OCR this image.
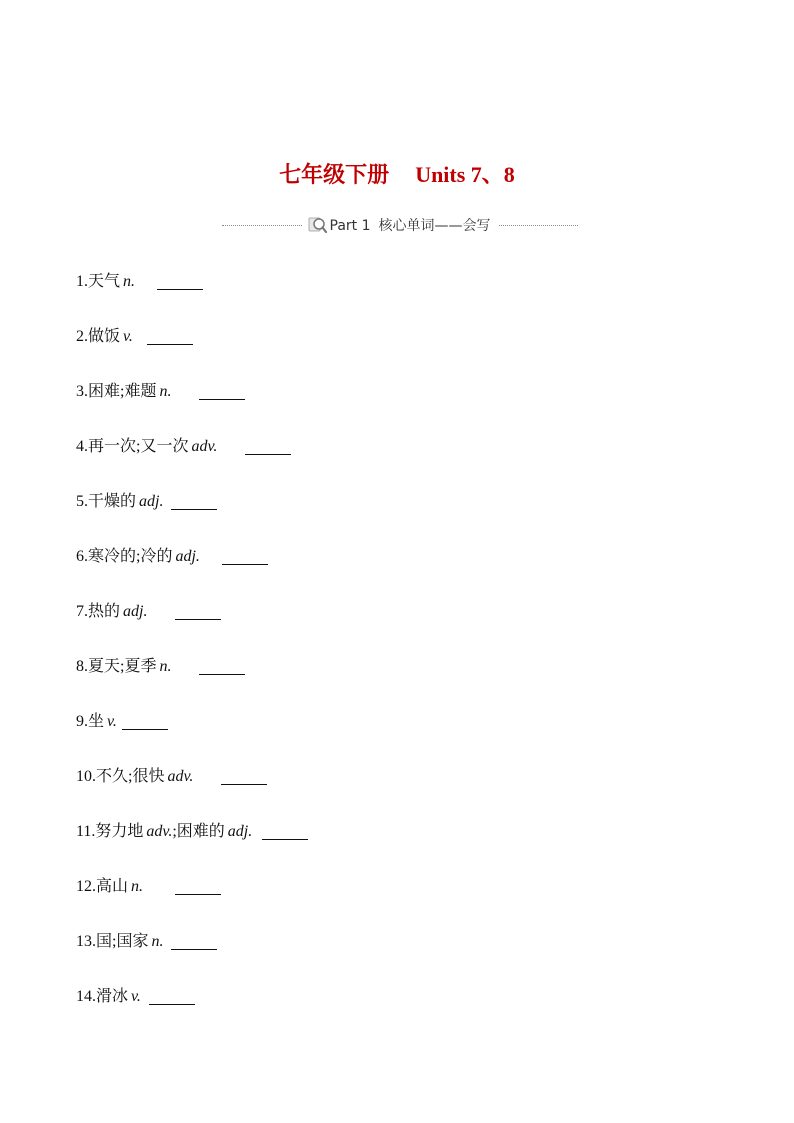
七年级下册 Units 7、8
Part 1 核心单词——会写
1. 天气 n.
2. 做饭 v.
3. 困难;难题 n.
4. 再一次;又一次 adv.
5. 干燥的 adj.
6. 寒冷的;冷的 adj.
7. 热的 adj.
8. 夏天;夏季 n.
9. 坐 v.
10. 不久;很快 adv.
11. 努力地 adv. ;困难的 adj.
12. 高山 n.
13. 国;国家 n.
14. 滑冰 v.
